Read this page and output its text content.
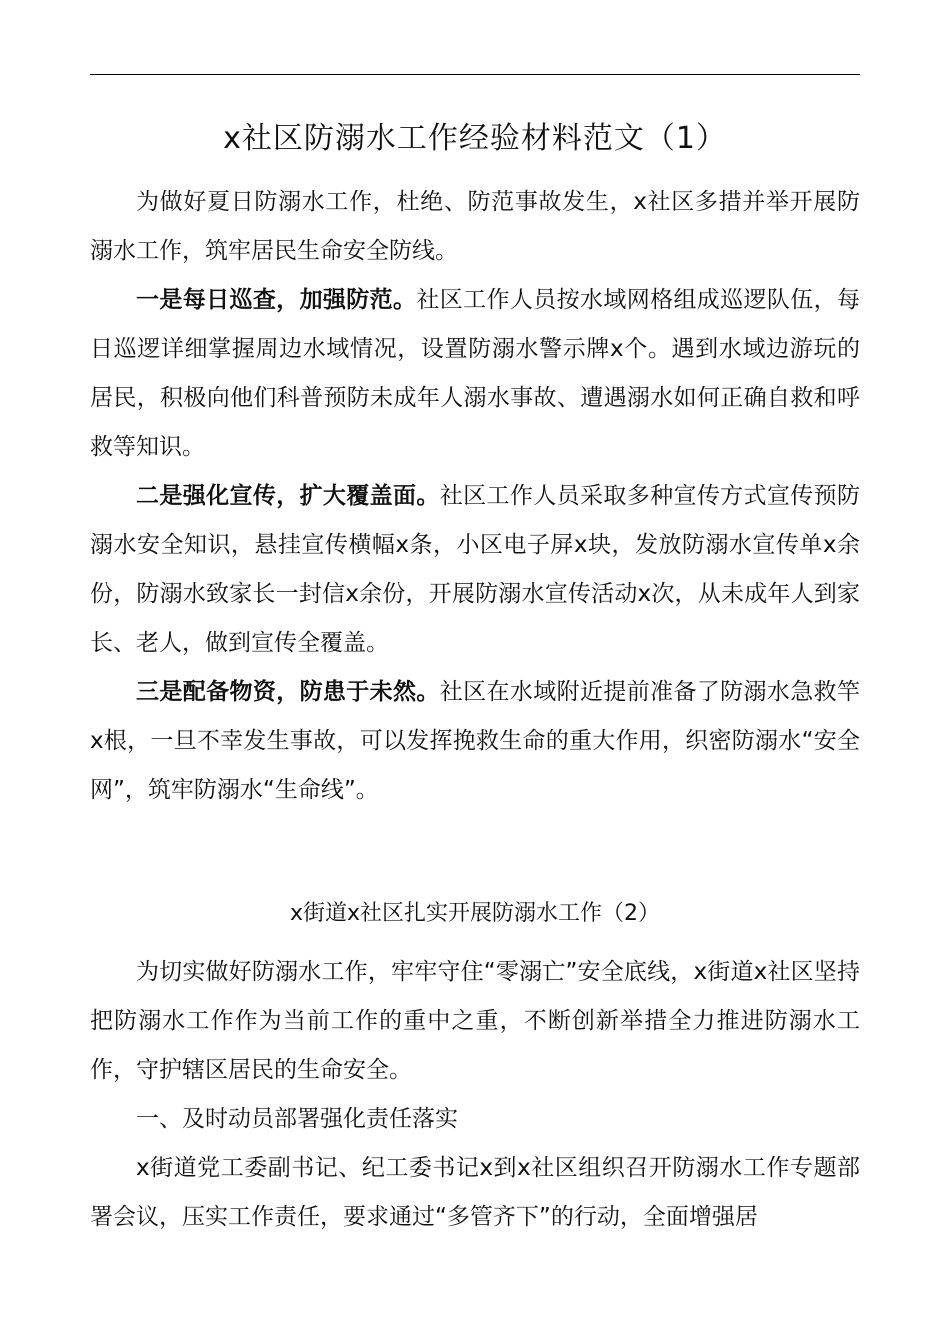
x社区防溺水工作经验材料范文（1）

为做好夏日防溺水工作，杜绝、防范事故发生，x社区多措并举开展防溺水工作，筑牢居民生命安全防线。

一是每日巡查，加强防范。社区工作人员按水域网格组成巡逻队伍，每日巡逻详细掌握周边水域情况，设置防溺水警示牌x个。遇到水域边游玩的居民，积极向他们科普预防未成年人溺水事故、遭遇溺水如何正确自救和呼救等知识。

二是强化宣传，扩大覆盖面。社区工作人员采取多种宣传方式宣传预防溺水安全知识，悬挂宣传横幅x条，小区电子屏x块，发放防溺水宣传单x余份，防溺水致家长一封信x余份，开展防溺水宣传活动x次，从未成年人到家长、老人，做到宣传全覆盖。

三是配备物资，防患于未然。社区在水域附近提前准备了防溺水急救竿x根，一旦不幸发生事故，可以发挥挽救生命的重大作用，织密防溺水“安全网”，筑牢防溺水“生命线”。

x街道x社区扎实开展防溺水工作（2）

为切实做好防溺水工作，牢牢守住“零溺亡”安全底线，x街道x社区坚持把防溺水工作作为当前工作的重中之重，不断创新举措全力推进防溺水工作，守护辖区居民的生命安全。

一、及时动员部署强化责任落实

x街道党工委副书记、纪工委书记x到x社区组织召开防溺水工作专题部署会议，压实工作责任，要求通过“多管齐下”的行动，全面增强居
